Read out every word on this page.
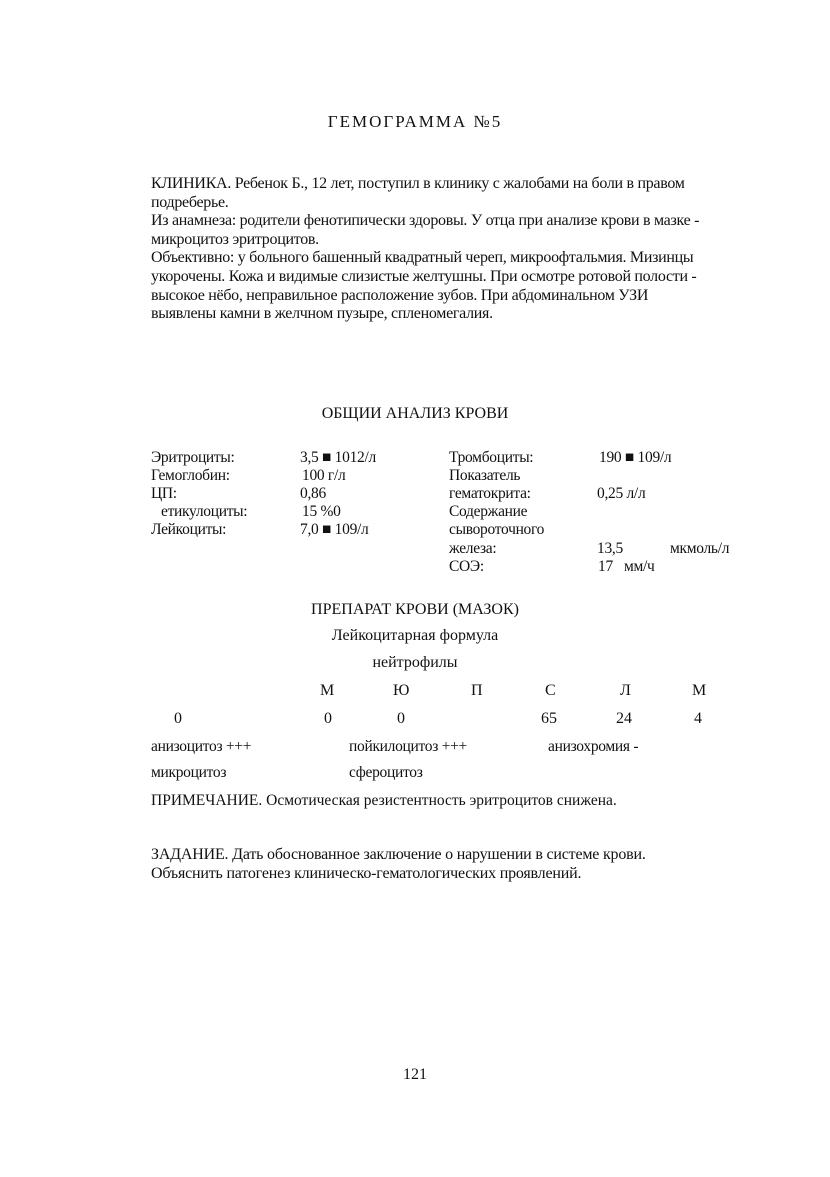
ГЕМОГРАММА №5

КЛИНИКА. Ребенок Б., 12 лет, поступил в клинику с жалобами на боли в правом

подреберье.

Из анамнеза: родители фенотипически здоровы. У отца при анализе крови в мазке -

микроцитоз эритроцитов.

Объективно: у больного башенный квадратный череп, микроофтальмия. Мизинцы

укорочены. Кожа и видимые слизистые желтушны. При осмотре ротовой полости -

высокое нёбо, неправильное расположение зубов. При абдоминальном УЗИ

выявлены камни в желчном пузыре, спленомегалия.

ОБЩИИ АНАЛИЗ КРОВИ
Эритроциты:	3,5 ■ 1012/л
Гемоглобин:	100 г/л
ЦП:	0,86
етикулоциты:	15 %0
Лейкоциты:	7,0 ■ 109/л
Тромбоциты:	190 ■ 109/л
Показатель
гематокрита:	0,25 л/л
Содержание
сывороточного
железа:	13,5	мкмоль/л
СОЭ:	17 мм/ч
ПРЕПАРАТ КРОВИ (МАЗОК)
Лейкоцитарная формула
нейтрофилы
М	Ю	П	С	Л	М
0	0	0	65	24	4
анизоцитоз +++	пойкилоцитоз +++	анизохромия -
микроцитоз	сфероцитоз
ПРИМЕЧАНИЕ. Осмотическая резистентность эритроцитов снижена.

ЗАДАНИЕ. Дать обоснованное заключение о нарушении в системе крови.

Объяснить патогенез клиническо-гематологических проявлений.

121
